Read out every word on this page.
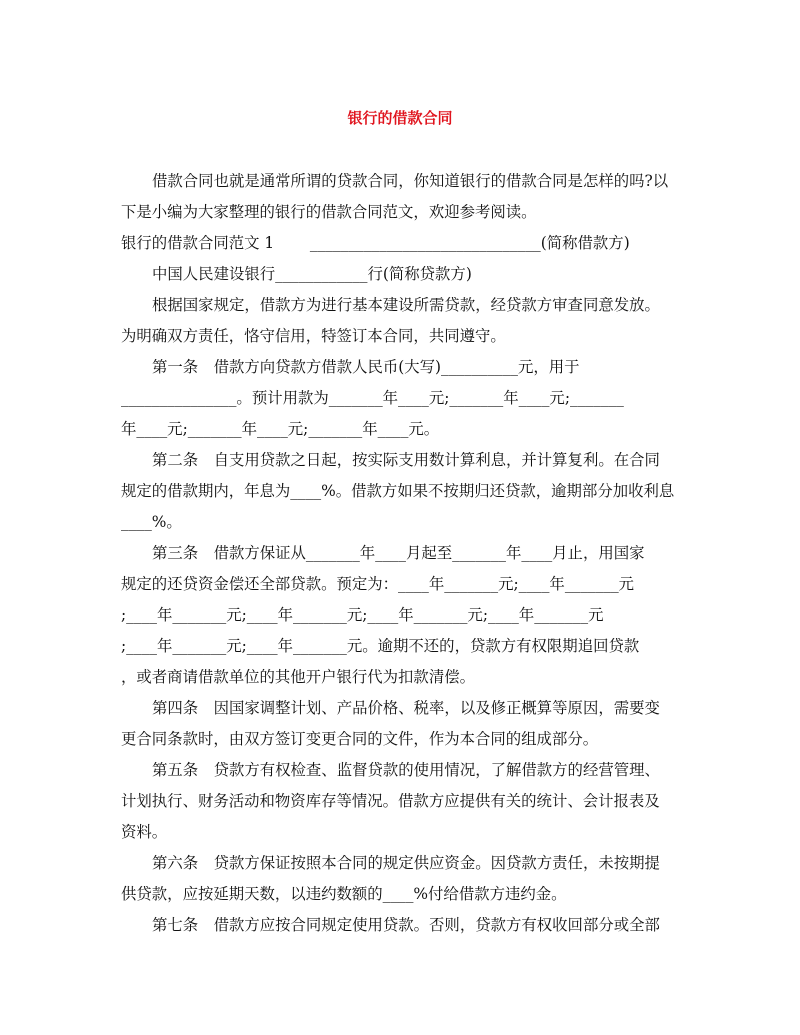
银行的借款合同
借款合同也就是通常所谓的贷款合同，你知道银行的借款合同是怎样的吗?以
下是小编为大家整理的银行的借款合同范文，欢迎参考阅读。
银行的借款合同范文 1　　 ______________________________(简称借款方)
中国人民建设银行____________行(简称贷款方)
根据国家规定，借款方为进行基本建设所需贷款，经贷款方审查同意发放。
为明确双方责任，恪守信用，特签订本合同，共同遵守。
第一条　借款方向贷款方借款人民币(大写)__________元，用于
_______________。预计用款为_______年____元;_______年____元;_______
年____元;_______年____元;_______年____元。
第二条　自支用贷款之日起，按实际支用数计算利息，并计算复利。在合同
规定的借款期内，年息为____%。借款方如果不按期归还贷款，逾期部分加收利息
____%。
第三条　借款方保证从_______年____月起至_______年____月止，用国家
规定的还贷资金偿还全部贷款。预定为：____年_______元;____年_______元
;____年_______元;____年_______元;____年_______元;____年_______元
;____年_______元;____年_______元。逾期不还的，贷款方有权限期追回贷款
，或者商请借款单位的其他开户银行代为扣款清偿。
第四条　因国家调整计划、产品价格、税率，以及修正概算等原因，需要变
更合同条款时，由双方签订变更合同的文件，作为本合同的组成部分。
第五条　贷款方有权检查、监督贷款的使用情况，了解借款方的经营管理、
计划执行、财务活动和物资库存等情况。借款方应提供有关的统计、会计报表及
资料。
第六条　贷款方保证按照本合同的规定供应资金。因贷款方责任，未按期提
供贷款，应按延期天数，以违约数额的____%付给借款方违约金。
第七条　借款方应按合同规定使用贷款。否则，贷款方有权收回部分或全部
